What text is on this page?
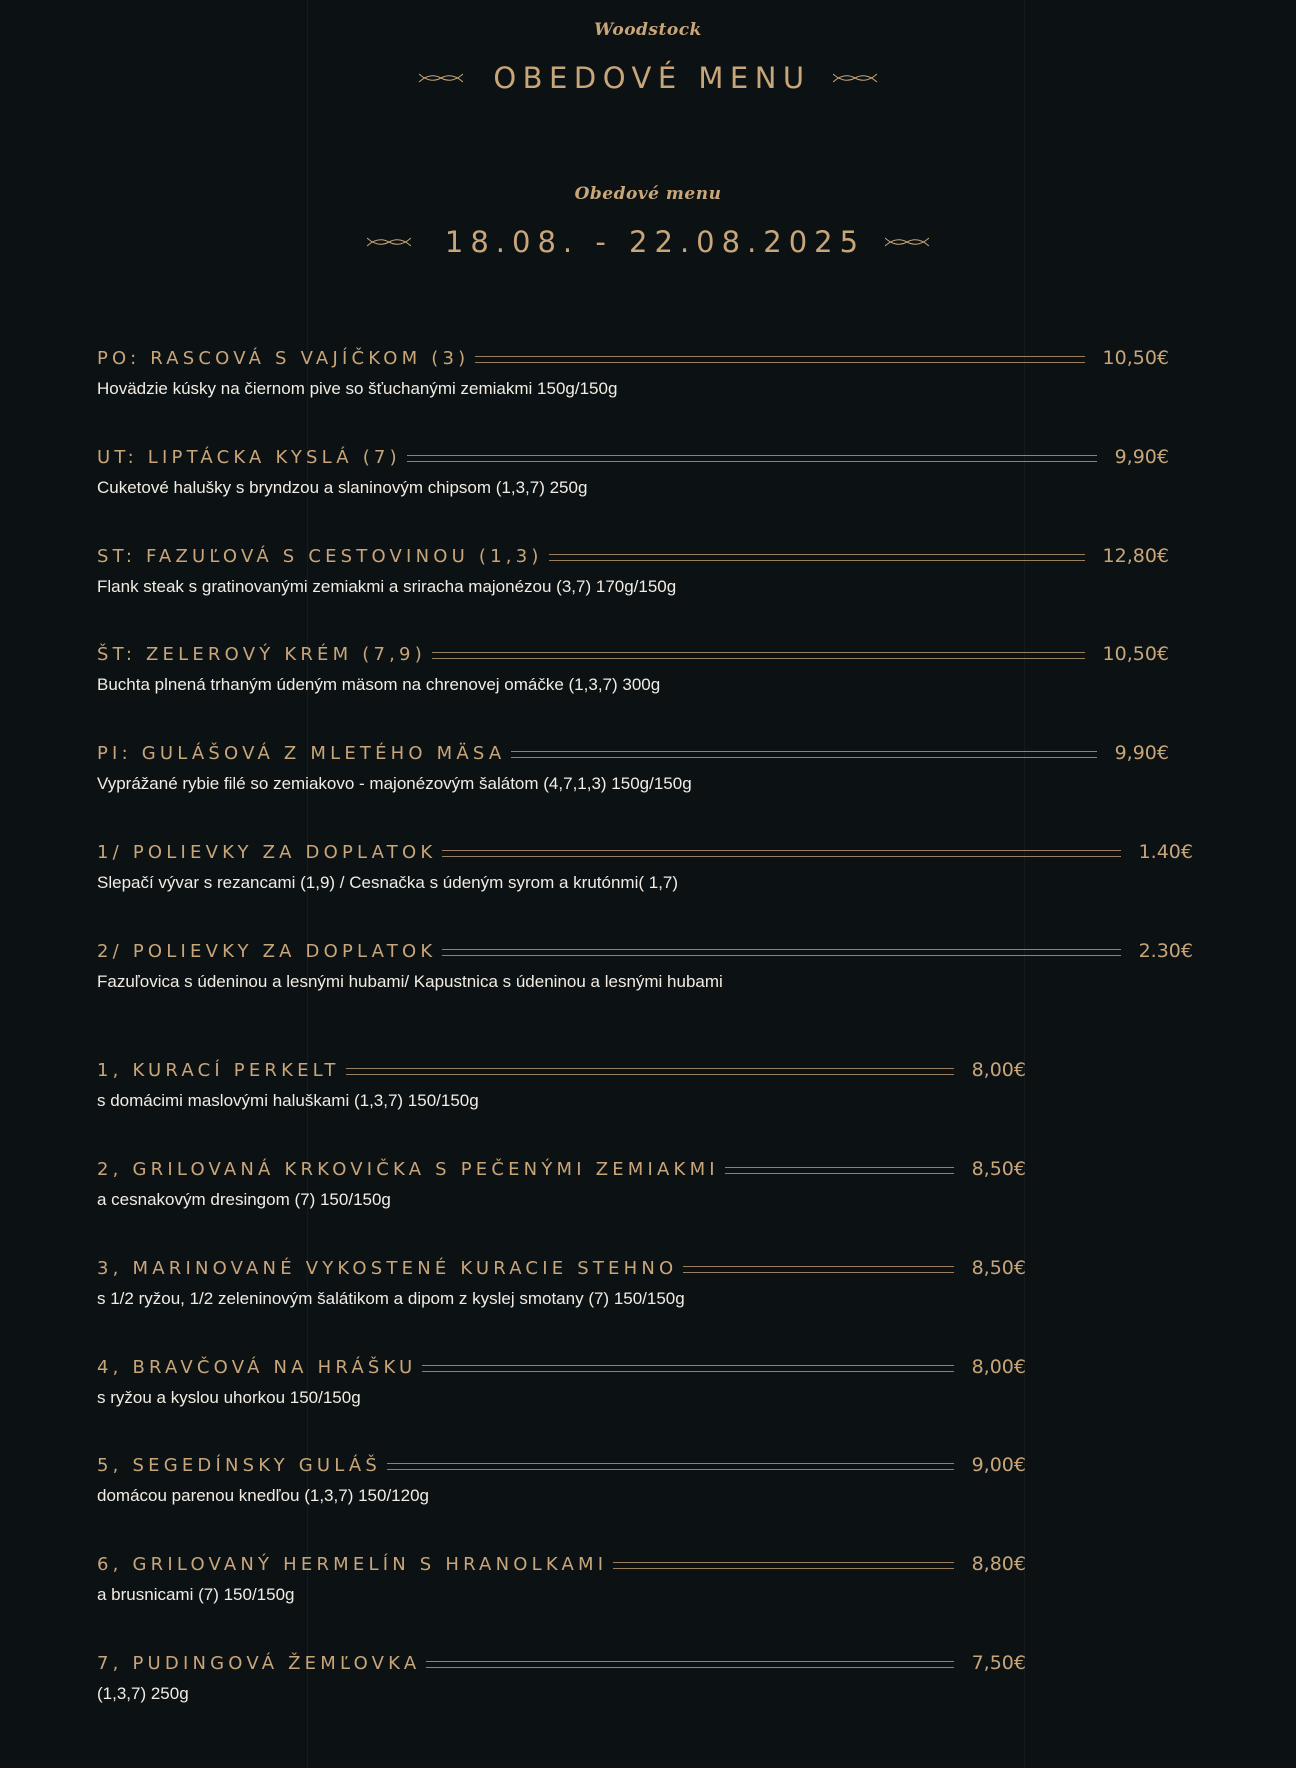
Woodstock
OBEDOVÉ MENU
Obedové menu
18.08. - 22.08.2025
PO: RASCOVÁ S VAJÍČKOM (3)	10,50€
Hovädzie kúsky na čiernom pive so šťuchanými zemiakmi 150g/150g
UT: LIPTÁCKA KYSLÁ (7)	9,90€
Cuketové halušky s bryndzou a slaninovým chipsom (1,3,7) 250g
ST: FAZUĽOVÁ S CESTOVINOU (1,3)	12,80€
Flank steak s gratinovanými zemiakmi a sriracha majonézou (3,7) 170g/150g
ŠT: ZELEROVÝ KRÉM (7,9)	10,50€
Buchta plnená trhaným údeným mäsom na chrenovej omáčke (1,3,7) 300g
PI: GULÁŠOVÁ Z MLETÉHO MÄSA	9,90€
Vyprážané rybie filé so zemiakovo - majonézovým šalátom (4,7,1,3) 150g/150g
1/ POLIEVKY ZA DOPLATOK	1.40€
Slepačí vývar s rezancami (1,9) / Cesnačka s údeným syrom a krutónmi( 1,7)
2/ POLIEVKY ZA DOPLATOK	2.30€
Fazuľovica s údeninou a lesnými hubami/ Kapustnica s údeninou a lesnými hubami
1, KURACÍ PERKELT	8,00€
s domácimi maslovými haluškami (1,3,7) 150/150g
2, GRILOVANÁ KRKOVIČKA S PEČENÝMI ZEMIAKMI	8,50€
a cesnakovým dresingom (7) 150/150g
3, MARINOVANÉ VYKOSTENÉ KURACIE STEHNO	8,50€
s 1/2 ryžou, 1/2 zeleninovým šalátikom a dipom z kyslej smotany (7) 150/150g
4, BRAVČOVÁ NA HRÁŠKU	8,00€
s ryžou a kyslou uhorkou 150/150g
5, SEGEDÍNSKY GULÁŠ	9,00€
domácou parenou knedľou (1,3,7) 150/120g
6, GRILOVANÝ HERMELÍN S HRANOLKAMI	8,80€
a brusnicami (7) 150/150g
7, PUDINGOVÁ ŽEMĽOVKA	7,50€
(1,3,7) 250g
